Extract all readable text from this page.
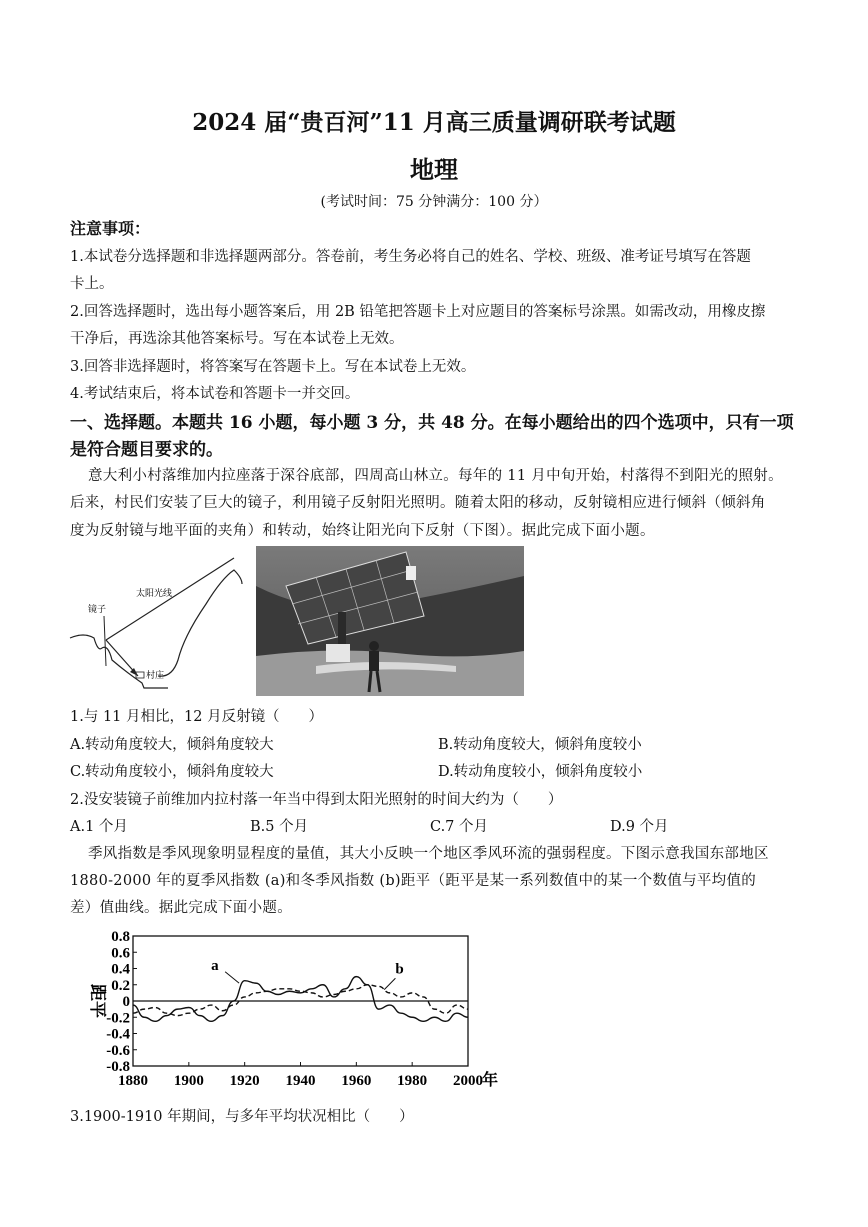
2024 届“贵百河”11 月高三质量调研联考试题
地理
(考试时间：75 分钟满分：100 分）
注意事项：
1.本试卷分选择题和非选择题两部分。答卷前，考生务必将自己的姓名、学校、班级、准考证号填写在答题
卡上。
2.回答选择题时，选出每小题答案后，用 2B 铅笔把答题卡上对应题目的答案标号涂黑。如需改动，用橡皮擦
干净后，再选涂其他答案标号。写在本试卷上无效。
3.回答非选择题时，将答案写在答题卡上。写在本试卷上无效。
4.考试结束后，将本试卷和答题卡一并交回。
一、选择题。本题共 16 小题，每小题 3 分，共 48 分。在每小题给出的四个选项中，只有一项
是符合题目要求的。
意大利小村落维加内拉座落于深谷底部，四周高山林立。每年的 11 月中旬开始，村落得不到阳光的照射。
后来，村民们安装了巨大的镜子，利用镜子反射阳光照明。随着太阳的移动，反射镜相应进行倾斜（倾斜角
度为反射镜与地平面的夹角）和转动，始终让阳光向下反射（下图）。据此完成下面小题。
太阳光线
镜子
村庄
1.与 11 月相比，12 月反射镜（　　）
A.转动角度较大，倾斜角度较大	B.转动角度较大，倾斜角度较小
C.转动角度较小，倾斜角度较大	D.转动角度较小，倾斜角度较小
2.没安装镜子前维加内拉村落一年当中得到太阳光照射的时间大约为（　　）
A.1 个月	B.5 个月	C.7 个月	D.9 个月
季风指数是季风现象明显程度的量值，其大小反映一个地区季风环流的强弱程度。下图示意我国东部地区
1880-2000 年的夏季风指数 (a)和冬季风指数 (b)距平（距平是某一系列数值中的某一个数值与平均值的
差）值曲线。据此完成下面小题。
0.8
0.6
0.4
0.2
0
-0.2
-0.4
-0.6
-0.8
1880 1900 1920 1940 1960 1980 2000 年
距平
a	b
3.1900-1910 年期间，与多年平均状况相比（　　）
